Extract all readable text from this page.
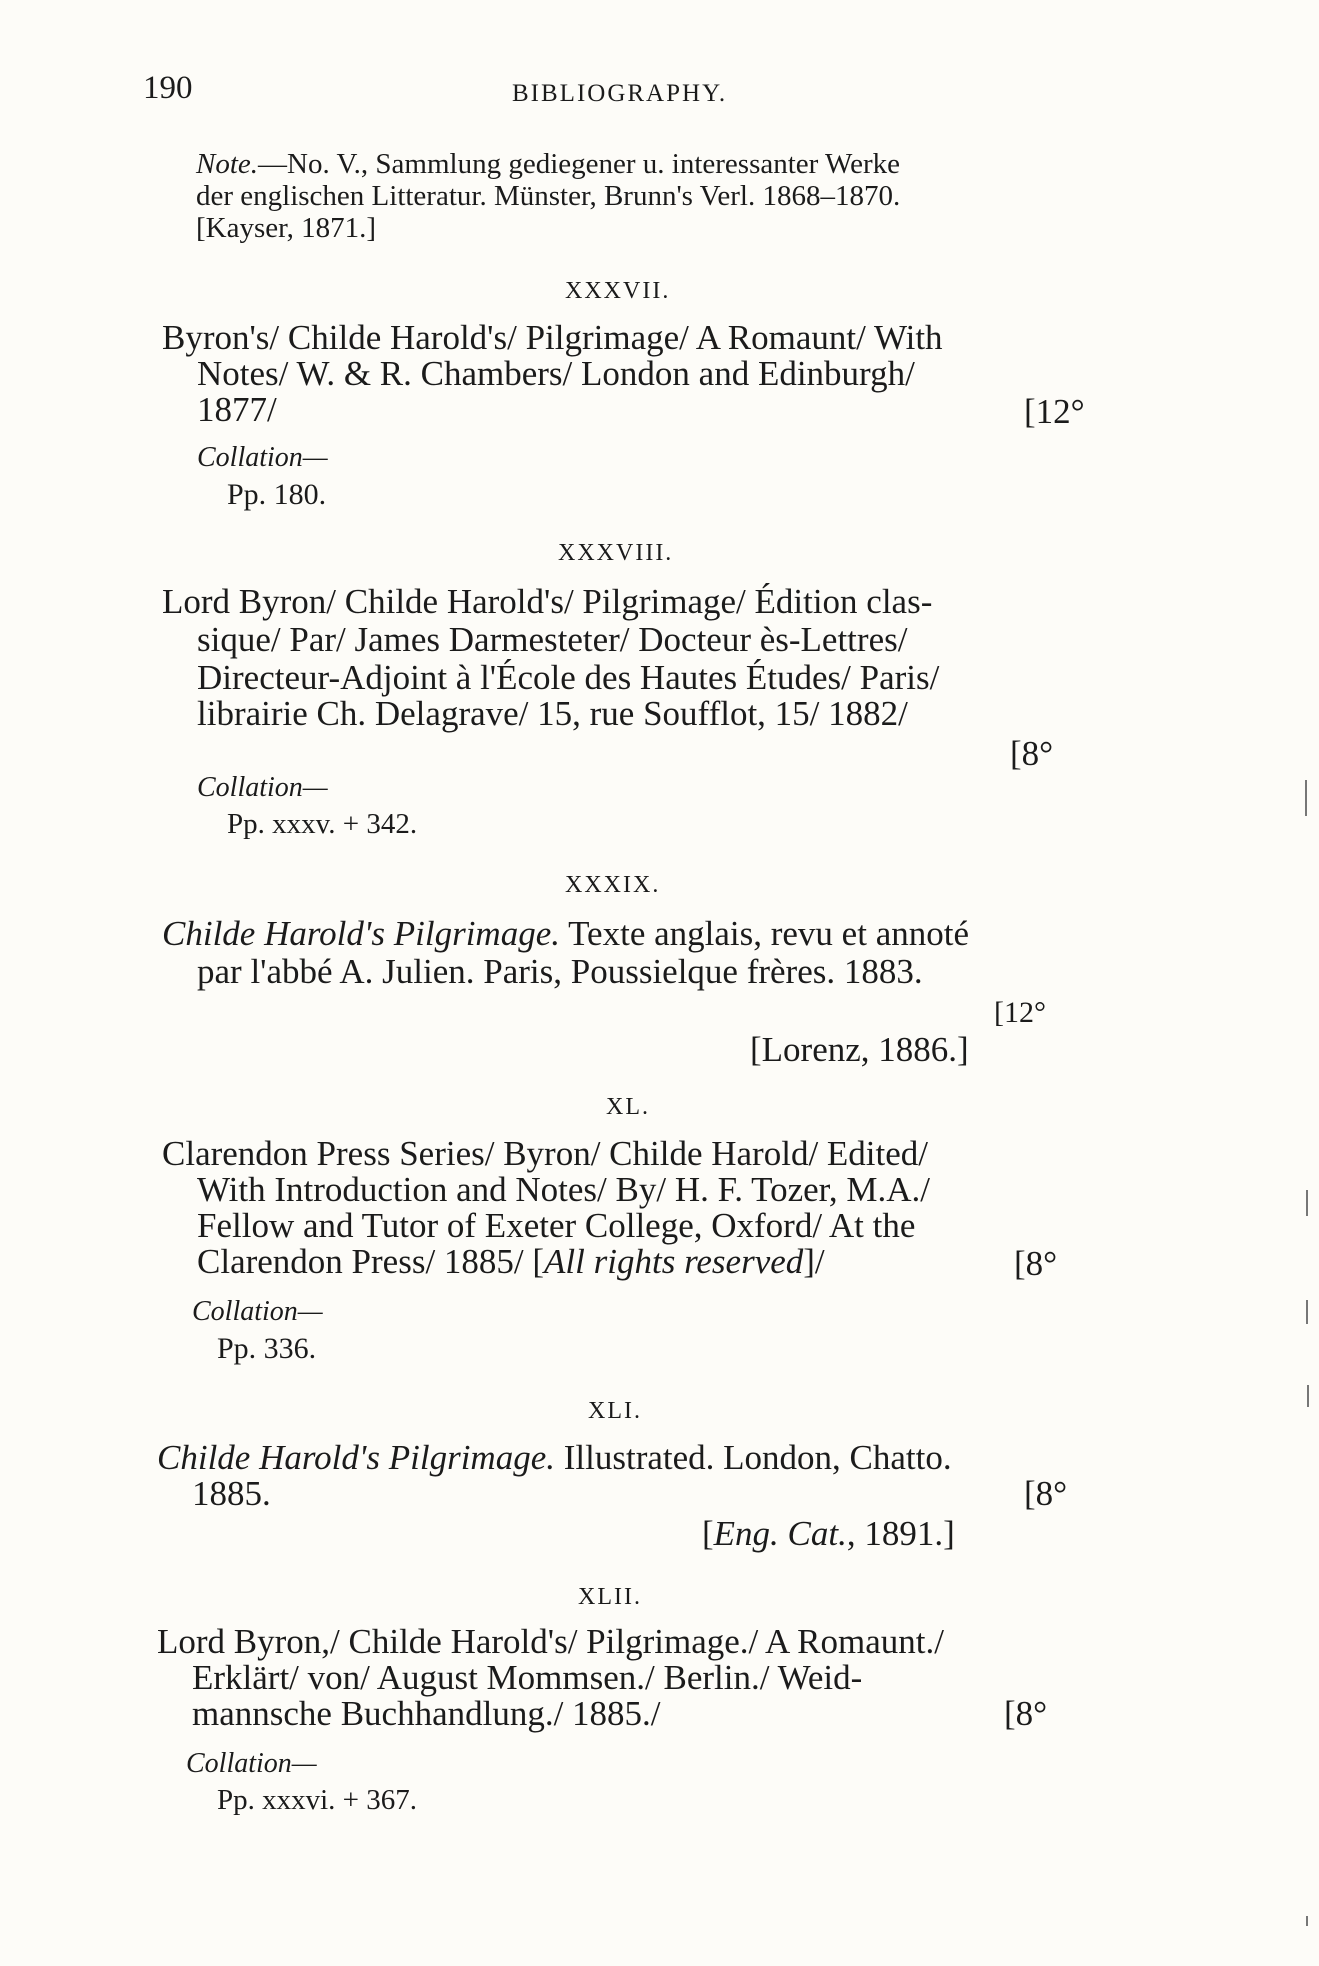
190	BIBLIOGRAPHY.
Note.—No. V., Sammlung gediegener u. interessanter Werke
der englischen Litteratur. Münster, Brunn's Verl. 1868–1870.
[Kayser, 1871.]
XXXVII.
Byron's/ Childe Harold's/ Pilgrimage/ A Romaunt/ With
Notes/ W. & R. Chambers/ London and Edinburgh/
1877/	[12°
Collation—
Pp. 180.
XXXVIII.
Lord Byron/ Childe Harold's/ Pilgrimage/ Édition clas-
sique/ Par/ James Darmesteter/ Docteur ès-Lettres/
Directeur-Adjoint à l'École des Hautes Études/ Paris/
librairie Ch. Delagrave/ 15, rue Soufflot, 15/ 1882/
[8°
Collation—
Pp. xxxv. + 342.
XXXIX.
Childe Harold's Pilgrimage. Texte anglais, revu et annoté
par l'abbé A. Julien. Paris, Poussielque frères. 1883.
[12°
[Lorenz, 1886.]
XL.
Clarendon Press Series/ Byron/ Childe Harold/ Edited/
With Introduction and Notes/ By/ H. F. Tozer, M.A./
Fellow and Tutor of Exeter College, Oxford/ At the
Clarendon Press/ 1885/ [All rights reserved]/	[8°
Collation—
Pp. 336.
XLI.
Childe Harold's Pilgrimage. Illustrated. London, Chatto.
1885.	[8°
[Eng. Cat., 1891.]
XLII.
Lord Byron,/ Childe Harold's/ Pilgrimage./ A Romaunt./
Erklärt/ von/ August Mommsen./ Berlin./ Weid-
mannsche Buchhandlung./ 1885./	[8°
Collation—
Pp. xxxvi. + 367.
